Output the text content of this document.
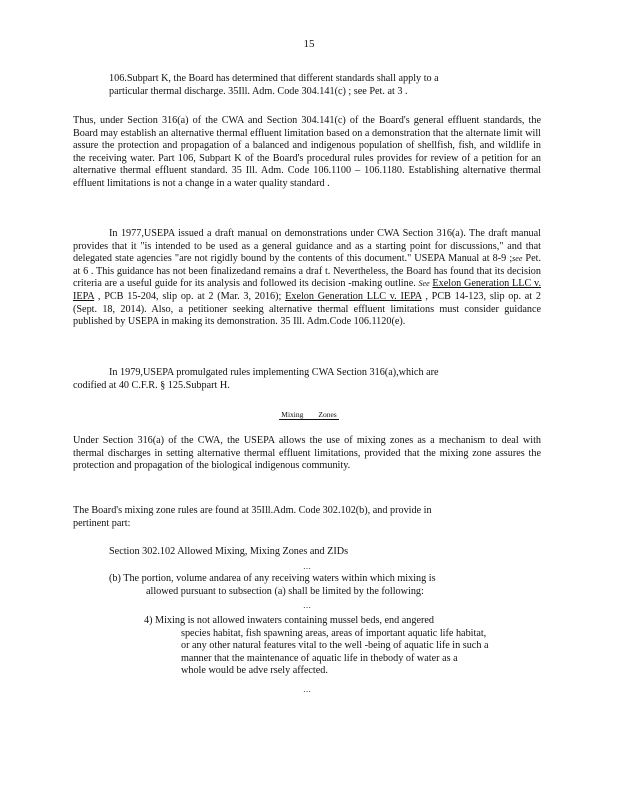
15
106.Subpart K, the Board has determined that different standards shall apply to a
particular thermal discharge. 35Ill. Adm. Code 304.141(c) ; see Pet. at 3 .
Thus, under Section 316(a) of the CWA and Section 304.141(c) of the Board's general effluent standards, the Board may establish an alternative thermal effluent limitation based on a demonstration that the alternate limit will assure the protection and propagation of a balanced and indigenous population of shellfish, fish, and wildlife in the receiving water. Part 106, Subpart K of the Board's procedural rules provides for review of a petition for an alternative thermal effluent standard. 35 Ill. Adm. Code 106.1100 – 106.1180. Establishing alternative thermal effluent limitations is not a change in a water quality standard .
In 1977,USEPA issued a draft manual on demonstrations under CWA Section 316(a). The draft manual provides that it "is intended to be used as a general guidance and as a starting point for discussions," and that delegated state agencies "are not rigidly bound by the contents of this document." USEPA Manual at 8-9 ;see Pet. at 6 . This guidance has not been finalizedand remains a draf t. Nevertheless, the Board has found that its decision criteria are a useful guide for its analysis and followed its decision -making outline. See Exelon Generation LLC v. IEPA , PCB 15-204, slip op. at 2 (Mar. 3, 2016); Exelon Generation LLC v. IEPA , PCB 14-123, slip op. at 2 (Sept. 18, 2014). Also, a petitioner seeking alternative thermal effluent limitations must consider guidance published by USEPA in making its demonstration. 35 Ill. Adm.Code 106.1120(e).
In 1979,USEPA promulgated rules implementing CWA Section 316(a),which are
codified at 40 C.F.R. § 125.Subpart H.
Mixing        Zones
Under Section 316(a) of the CWA, the USEPA allows the use of mixing zones as a mechanism to deal with thermal discharges in setting alternative thermal effluent limitations, provided that the mixing zone assures the protection and propagation of the biological indigenous community.
The Board's mixing zone rules are found at 35Ill.Adm. Code 302.102(b), and provide in
pertinent part:
Section 302.102 Allowed Mixing, Mixing Zones and ZIDs
…
(b) The portion, volume andarea of any receiving waters within which mixing is
allowed pursuant to subsection (a) shall be limited by the following:
…
4) Mixing is not allowed inwaters containing mussel beds, end angered
species habitat, fish spawning areas, areas of important aquatic life habitat,
or any other natural features vital to the well -being of aquatic life in such a
manner that the maintenance of aquatic life in thebody of water as a
whole would be adve rsely affected.
…
